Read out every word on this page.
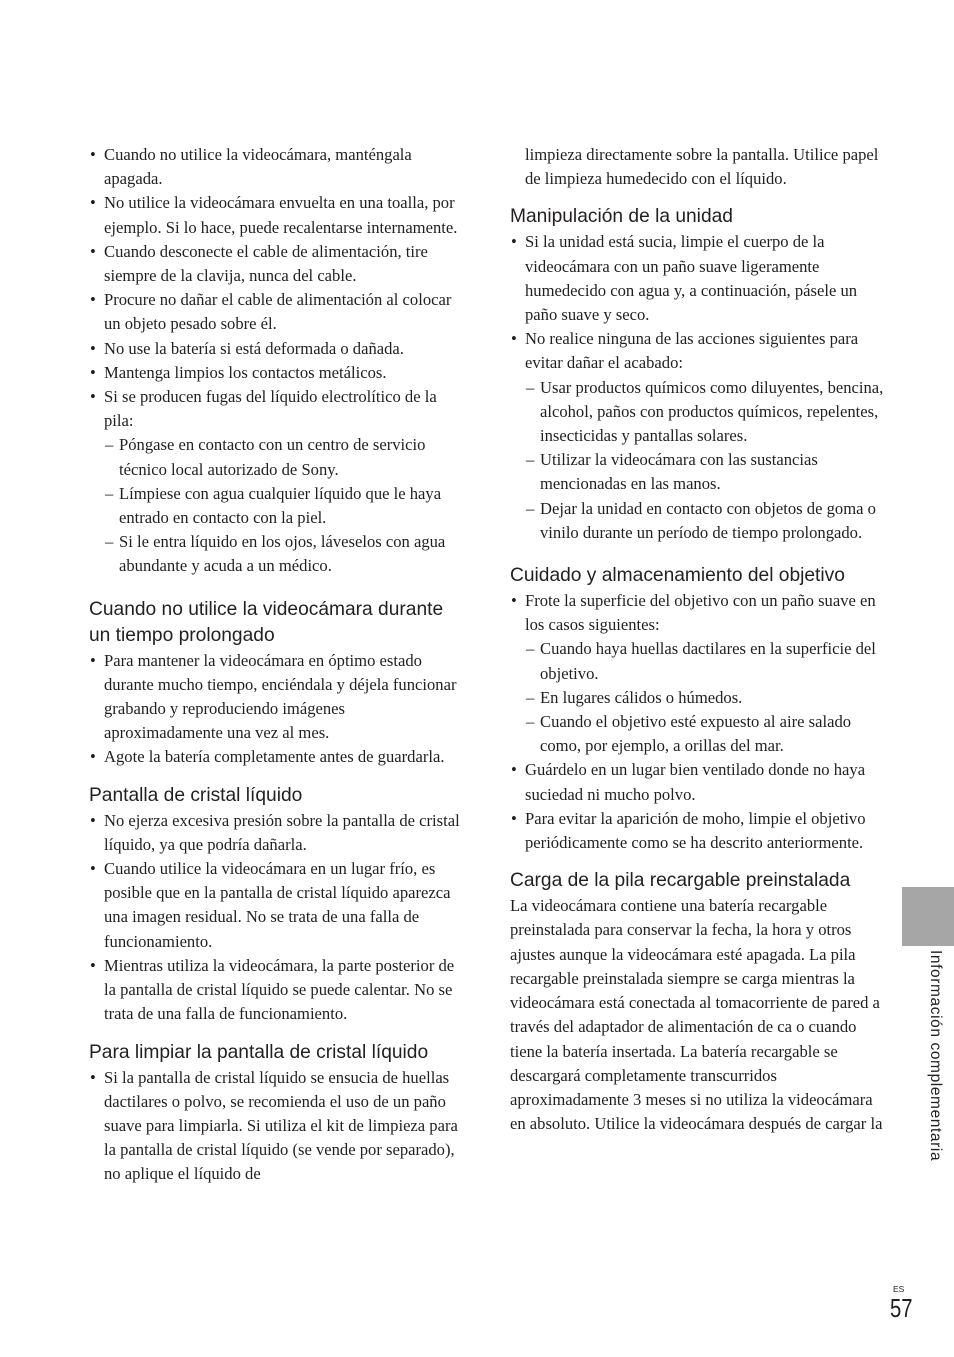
• Cuando no utilice la videocámara, manténgala apagada.

• No utilice la videocámara envuelta en una toalla, por ejemplo. Si lo hace, puede recalentarse internamente.

• Cuando desconecte el cable de alimentación, tire siempre de la clavija, nunca del cable.

• Procure no dañar el cable de alimentación al colocar un objeto pesado sobre él.

• No use la batería si está deformada o dañada.

• Mantenga limpios los contactos metálicos.

• Si se producen fugas del líquido electrolítico de la pila:

– Póngase en contacto con un centro de servicio técnico local autorizado de Sony.

– Límpiese con agua cualquier líquido que le haya entrado en contacto con la piel.

– Si le entra líquido en los ojos, láveselos con agua abundante y acuda a un médico.

Cuando no utilice la videocámara durante un tiempo prolongado

• Para mantener la videocámara en óptimo estado durante mucho tiempo, enciéndala y déjela funcionar grabando y reproduciendo imágenes aproximadamente una vez al mes.

• Agote la batería completamente antes de guardarla.

Pantalla de cristal líquido

• No ejerza excesiva presión sobre la pantalla de cristal líquido, ya que podría dañarla.

• Cuando utilice la videocámara en un lugar frío, es posible que en la pantalla de cristal líquido aparezca una imagen residual. No se trata de una falla de funcionamiento.

• Mientras utiliza la videocámara, la parte posterior de la pantalla de cristal líquido se puede calentar. No se trata de una falla de funcionamiento.

Para limpiar la pantalla de cristal líquido

• Si la pantalla de cristal líquido se ensucia de huellas dactilares o polvo, se recomienda el uso de un paño suave para limpiarla. Si utiliza el kit de limpieza para la pantalla de cristal líquido (se vende por separado), no aplique el líquido de

limpieza directamente sobre la pantalla. Utilice papel de limpieza humedecido con el líquido.

Manipulación de la unidad

• Si la unidad está sucia, limpie el cuerpo de la videocámara con un paño suave ligeramente humedecido con agua y, a continuación, pásele un paño suave y seco.

• No realice ninguna de las acciones siguientes para evitar dañar el acabado:

– Usar productos químicos como diluyentes, bencina, alcohol, paños con productos químicos, repelentes, insecticidas y pantallas solares.

– Utilizar la videocámara con las sustancias mencionadas en las manos.

– Dejar la unidad en contacto con objetos de goma o vinilo durante un período de tiempo prolongado.

Cuidado y almacenamiento del objetivo

• Frote la superficie del objetivo con un paño suave en los casos siguientes:

– Cuando haya huellas dactilares en la superficie del objetivo.

– En lugares cálidos o húmedos.

– Cuando el objetivo esté expuesto al aire salado como, por ejemplo, a orillas del mar.

• Guárdelo en un lugar bien ventilado donde no haya suciedad ni mucho polvo.

• Para evitar la aparición de moho, limpie el objetivo periódicamente como se ha descrito anteriormente.

Carga de la pila recargable preinstalada

La videocámara contiene una batería recargable preinstalada para conservar la fecha, la hora y otros ajustes aunque la videocámara esté apagada. La pila recargable preinstalada siempre se carga mientras la videocámara está conectada al tomacorriente de pared a través del adaptador de alimentación de ca o cuando tiene la batería insertada. La batería recargable se descargará completamente transcurridos aproximadamente 3 meses si no utiliza la videocámara en absoluto. Utilice la videocámara después de cargar la	Información complementaria
ES
57
